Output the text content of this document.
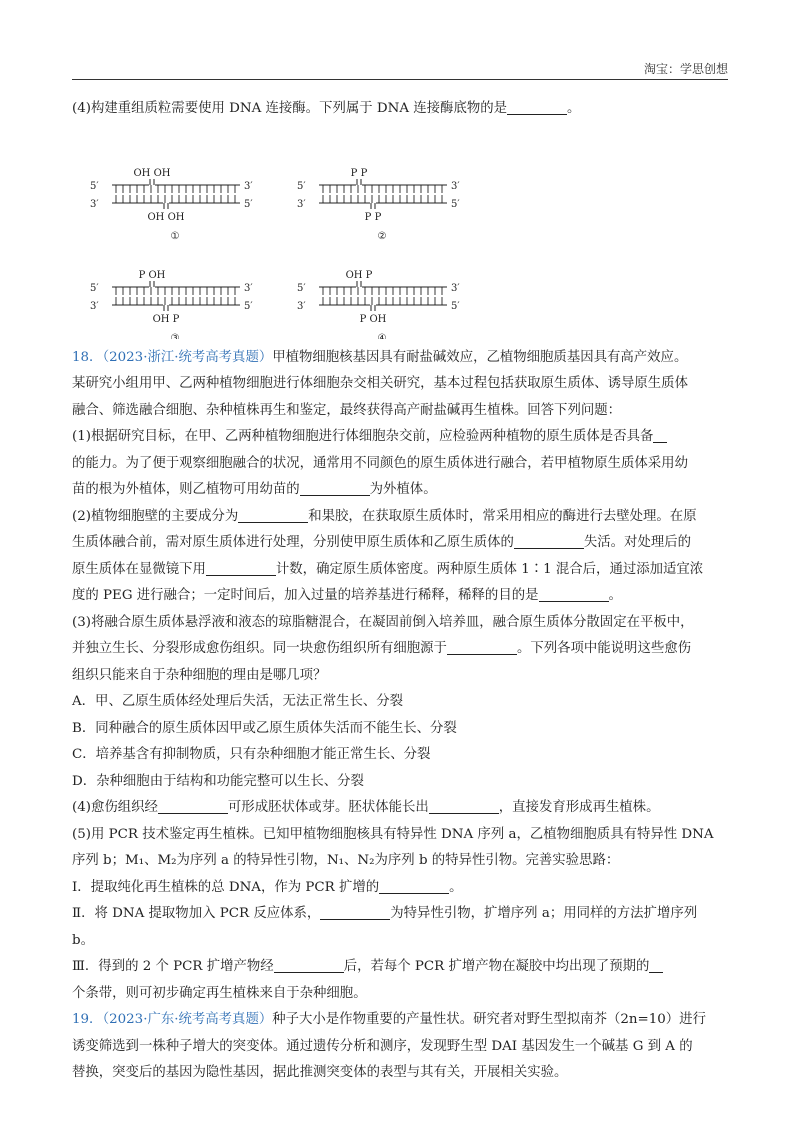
淘宝：学思创想

(4)构建重组质粒需要使用 DNA 连接酶。下列属于 DNA 连接酶底物的是	。

5′
3′
3′
5′
OH OH
OH OH
①
5′
3′
3′
5′
P P
P P
②
5′
3′
3′
5′
P OH
OH P
③
5′
3′
3′
5′
OH P
P OH
④

18．（2023·浙江·统考高考真题）甲植物细胞核基因具有耐盐碱效应，乙植物细胞质基因具有高产效应。

某研究小组用甲、乙两种植物细胞进行体细胞杂交相关研究，基本过程包括获取原生质体、诱导原生质体

融合、筛选融合细胞、杂种植株再生和鉴定，最终获得高产耐盐碱再生植株。回答下列问题：

(1)根据研究目标，在甲、乙两种植物细胞进行体细胞杂交前，应检验两种植物的原生质体是否具备

的能力。为了便于观察细胞融合的状况，通常用不同颜色的原生质体进行融合，若甲植物原生质体采用幼

苗的根为外植体，则乙植物可用幼苗的	为外植体。

(2)植物细胞壁的主要成分为	和果胶，在获取原生质体时，常采用相应的酶进行去壁处理。在原

生质体融合前，需对原生质体进行处理，分别使甲原生质体和乙原生质体的	失活。对处理后的

原生质体在显微镜下用	计数，确定原生质体密度。两种原生质体 1∶1 混合后，通过添加适宜浓

度的 PEG 进行融合；一定时间后，加入过量的培养基进行稀释，稀释的目的是	。

(3)将融合原生质体悬浮液和液态的琼脂糖混合，在凝固前倒入培养皿，融合原生质体分散固定在平板中，

并独立生长、分裂形成愈伤组织。同一块愈伤组织所有细胞源于	。下列各项中能说明这些愈伤

组织只能来自于杂种细胞的理由是哪几项？

A．甲、乙原生质体经处理后失活，无法正常生长、分裂

B．同种融合的原生质体因甲或乙原生质体失活而不能生长、分裂

C．培养基含有抑制物质，只有杂种细胞才能正常生长、分裂

D．杂种细胞由于结构和功能完整可以生长、分裂

(4)愈伤组织经	可形成胚状体或芽。胚状体能长出	，直接发育形成再生植株。

(5)用 PCR 技术鉴定再生植株。已知甲植物细胞核具有特异性 DNA 序列 a，乙植物细胞质具有特异性 DNA

序列 b；M₁、M₂为序列 a 的特异性引物，N₁、N₂为序列 b 的特异性引物。完善实验思路：

Ⅰ．提取纯化再生植株的总 DNA，作为 PCR 扩增的	。

Ⅱ．将 DNA 提取物加入 PCR 反应体系，	为特异性引物，扩增序列 a；用同样的方法扩增序列

b。

Ⅲ．得到的 2 个 PCR 扩增产物经	后，若每个 PCR 扩增产物在凝胶中均出现了预期的

个条带，则可初步确定再生植株来自于杂种细胞。

19．（2023·广东·统考高考真题）种子大小是作物重要的产量性状。研究者对野生型拟南芥（2n=10）进行

诱变筛选到一株种子增大的突变体。通过遗传分析和测序，发现野生型 DAI 基因发生一个碱基 G 到 A 的

替换，突变后的基因为隐性基因，据此推测突变体的表型与其有关，开展相关实验。
